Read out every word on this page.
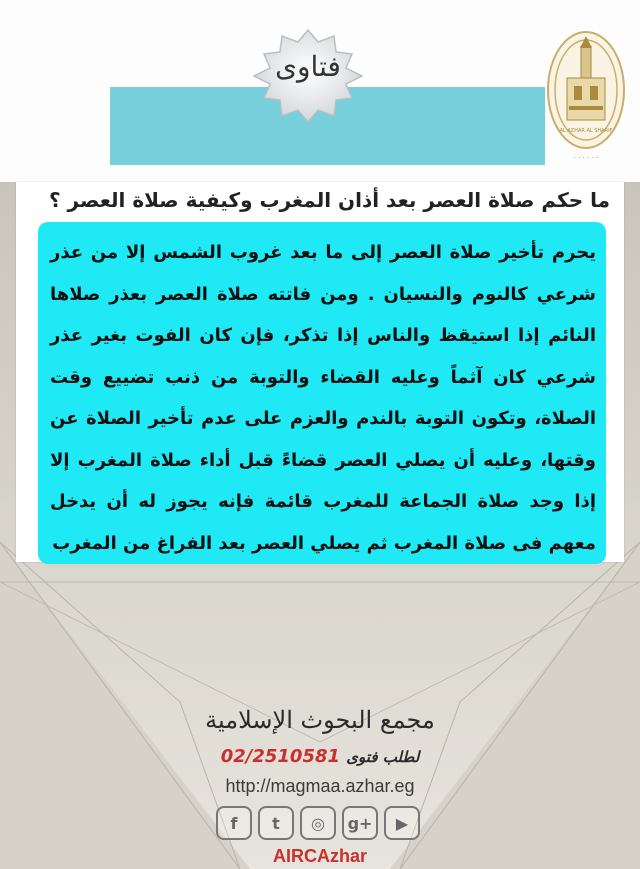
فتاوى
AL AZHAR AL SHARIF
· · · · · ·
ما حكم صلاة العصر بعد أذان المغرب وكيفية صلاة العصر ؟
يحرم تأخير صلاة العصر إلى ما بعد غروب الشمس إلا من عذر شرعي كالنوم والنسيان . ومن فاتته صلاة العصر بعذر صلاها النائم إذا استيقظ والناس إذا تذكر، فإن كان الفوت بغير عذر شرعي كان آثماً وعليه القضاء والتوبة من ذنب تضييع وقت الصلاة، وتكون التوبة بالندم والعزم على عدم تأخير الصلاة عن وقتها، وعليه أن يصلي العصر قضاءً قبل أداء صلاة المغرب إلا إذا وجد صلاة الجماعة للمغرب قائمة فإنه يجوز له أن يدخل معهم فى صلاة المغرب ثم يصلي العصر بعد الفراغ من المغرب
مجمع البحوث الإسلامية
لطلب فتوى 02/2510581
http://magmaa.azhar.eg
f	t	◎	g+	▶
AIRCAzhar
